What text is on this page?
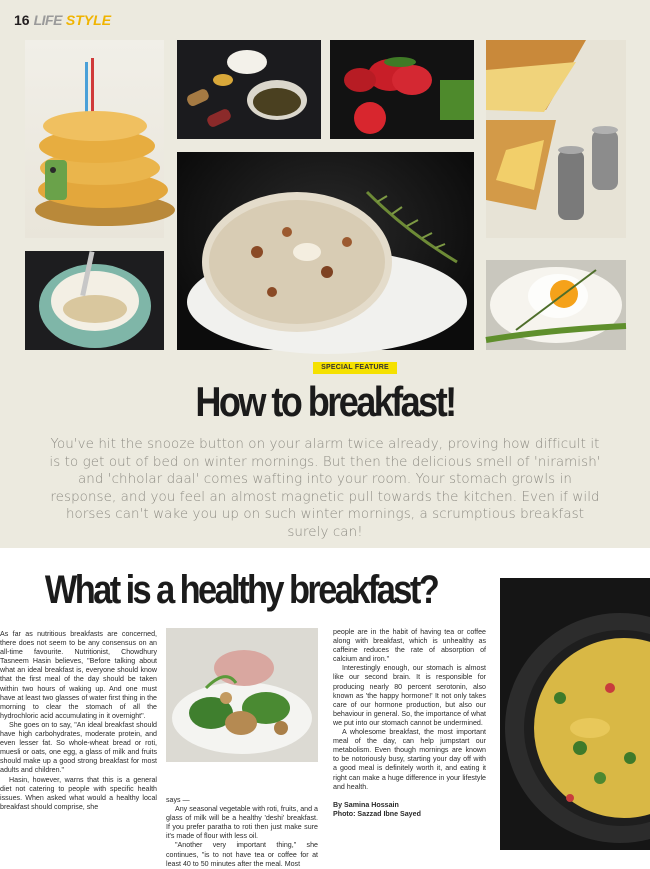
16 LIFE STYLE
SPECIAL FEATURE
How to breakfast!
You've hit the snooze button on your alarm twice already, proving how difficult it is to get out of bed on winter mornings. But then the delicious smell of 'niramish' and 'chholar daal' comes wafting into your room. Your stomach growls in response, and you feel an almost magnetic pull towards the kitchen. Even if wild horses can't wake you up on such winter mornings, a scrumptious breakfast surely can!
What is a healthy breakfast?

As far as nutritious breakfasts are concerned, there does not seem to be any consensus on an all-time favourite. Nutritionist, Chowdhury Tasneem Hasin believes, "Before talking about what an ideal breakfast is, everyone should know that the first meal of the day should be taken within two hours of waking up. And one must have at least two glasses of water first thing in the morning to clear the stomach of all the hydrochloric acid accumulating in it overnight".

She goes on to say, "An ideal breakfast should have high carbohydrates, moderate protein, and even lesser fat. So whole-wheat bread or roti, muesli or oats, one egg, a glass of milk and fruits should make up a good strong breakfast for most adults and children."

Hasin, however, warns that this is a general diet not catering to people with specific health issues. When asked what would a healthy local breakfast should comprise, she

says —

Any seasonal vegetable with roti, fruits, and a glass of milk will be a healthy 'deshi' breakfast. If you prefer paratha to roti then just make sure it's made of flour with less oil.

"Another very important thing," she continues, "is to not have tea or coffee for at least 40 to 50 minutes after the meal. Most

people are in the habit of having tea or coffee along with breakfast, which is unhealthy as caffeine reduces the rate of absorption of calcium and iron."

Interestingly enough, our stomach is almost like our second brain. It is responsible for producing nearly 80 percent serotonin, also known as 'the happy hormone!' It not only takes care of our hormone production, but also our behaviour in general. So, the importance of what we put into our stomach cannot be undermined.

A wholesome breakfast, the most important meal of the day, can help jumpstart our metabolism. Even though mornings are known to be notoriously busy, starting your day off with a good meal is definitely worth it, and eating it right can make a huge difference in your lifestyle and health.

By Samina Hossain

Photo: Sazzad Ibne Sayed
